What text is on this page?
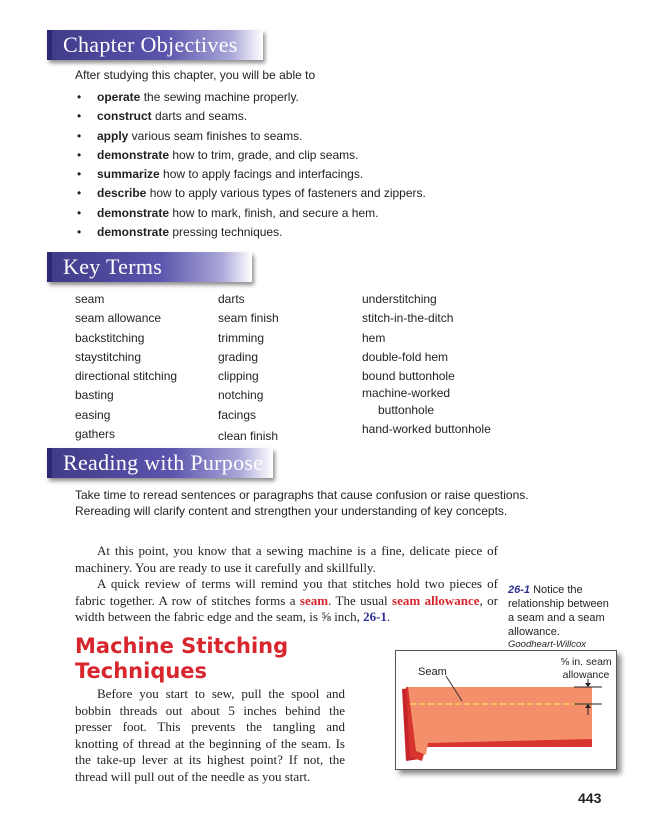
Chapter Objectives
After studying this chapter, you will be able to
• operate the sewing machine properly.
• construct darts and seams.
• apply various seam finishes to seams.
• demonstrate how to trim, grade, and clip seams.
• summarize how to apply facings and interfacings.
• describe how to apply various types of fasteners and zippers.
• demonstrate how to mark, finish, and secure a hem.
• demonstrate pressing techniques.
Key Terms
seam
seam allowance
backstitching
staystitching
directional stitching
basting
easing
gathers
darts
seam finish
trimming
grading
clipping
notching
facings
clean finish
understitching
stitch-in-the-ditch
hem
double-fold hem
bound buttonhole
machine-worked
buttonhole
hand-worked buttonhole
Reading with Purpose
Take time to reread sentences or paragraphs that cause confusion or raise questions. Rereading will clarify content and strengthen your understanding of key concepts.

At this point, you know that a sewing machine is a fine, delicate piece of machinery. You are ready to use it carefully and skillfully.

A quick review of terms will remind you that stitches hold two pieces of fabric together. A row of stitches forms a seam. The usual seam allowance, or width between the fabric edge and the seam, is ⅝ inch, 26-1.

26-1 Notice the relationship between a seam and a seam allowance.
Goodheart-Willcox
Machine Stitching Techniques

Before you start to sew, pull the spool and bobbin threads out about 5 inches behind the presser foot. This prevents the tangling and knotting of thread at the beginning of the seam. Is the take-up lever at its highest point? If not, the thread will pull out of the needle as you start.

Seam
⅝ in. seam
allowance
443
